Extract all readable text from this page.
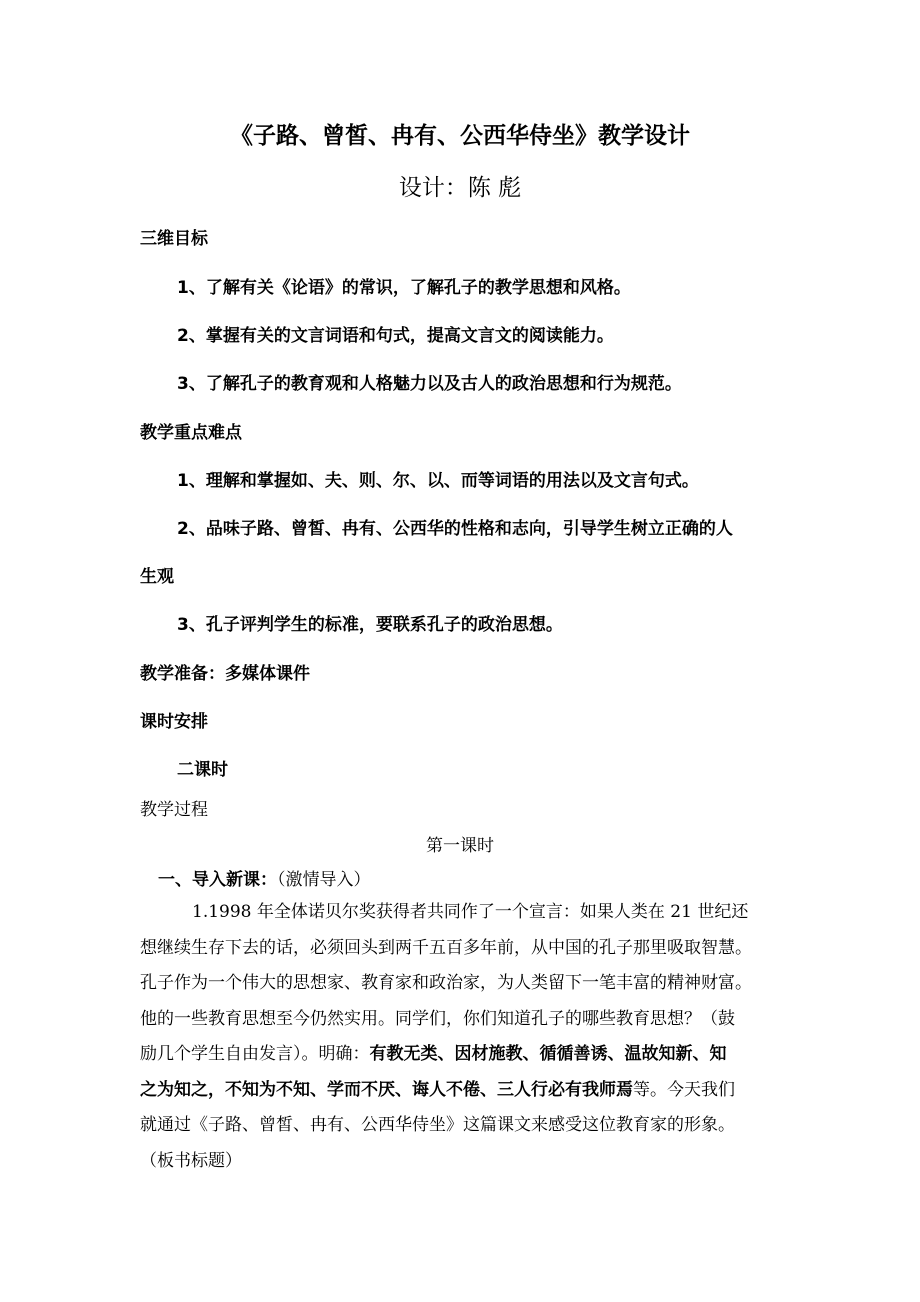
《子路、曾皙、冉有、公西华侍坐》教学设计
设计：陈 彪
三维目标
1、了解有关《论语》的常识，了解孔子的教学思想和风格。
2、掌握有关的文言词语和句式，提高文言文的阅读能力。
3、了解孔子的教育观和人格魅力以及古人的政治思想和行为规范。
教学重点难点
1、理解和掌握如、夫、则、尔、以、而等词语的用法以及文言句式。
2、品味子路、曾皙、冉有、公西华的性格和志向，引导学生树立正确的人
生观
3、孔子评判学生的标准，要联系孔子的政治思想。
教学准备：多媒体课件
课时安排
二课时
教学过程
第一课时
一、导入新课：（激情导入）
1.1998 年全体诺贝尔奖获得者共同作了一个宣言：如果人类在 21 世纪还
想继续生存下去的话，必须回头到两千五百多年前，从中国的孔子那里吸取智慧。
孔子作为一个伟大的思想家、教育家和政治家，为人类留下一笔丰富的精神财富。
他的一些教育思想至今仍然实用。同学们，你们知道孔子的哪些教育思想？（鼓
励几个学生自由发言）。明确：有教无类、因材施教、循循善诱、温故知新、知
之为知之，不知为不知、学而不厌、诲人不倦、三人行必有我师焉等。今天我们
就通过《子路、曾皙、冉有、公西华侍坐》这篇课文来感受这位教育家的形象。
（板书标题）
